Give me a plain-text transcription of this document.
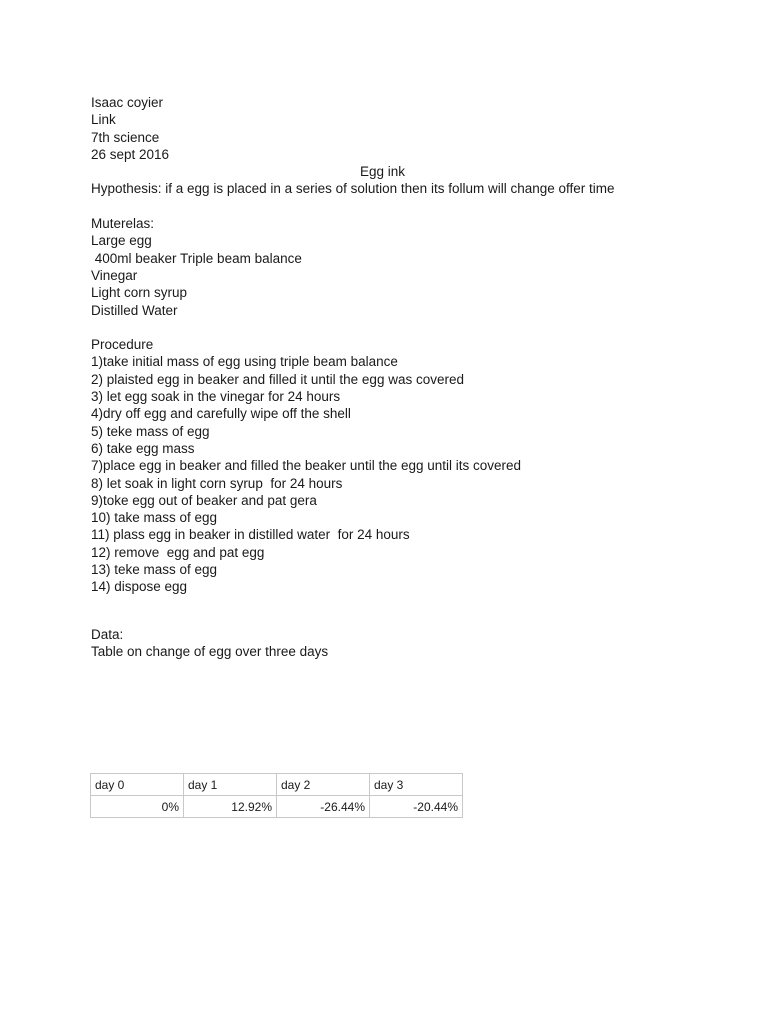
Isaac coyier
Link
7th science
26 sept 2016
Egg ink
Hypothesis: if a egg is placed in a series of solution then its follum will change offer time
Muterelas:
Large egg
400ml beaker Triple beam balance
Vinegar
Light corn syrup
Distilled Water
Procedure
1)take initial mass of egg using triple beam balance
2) plaisted egg in beaker and filled it until the egg was covered
3) let egg soak in the vinegar for 24 hours
4)dry off egg and carefully wipe off the shell
5) teke mass of egg
6) take egg mass
7)place egg in beaker and filled the beaker until the egg until its covered
8) let soak in light corn syrup  for 24 hours
9)toke egg out of beaker and pat gera
10) take mass of egg
11) plass egg in beaker in distilled water  for 24 hours
12) remove  egg and pat egg
13) teke mass of egg
14) dispose egg
Data:
Table on change of egg over three days
day 0	day 1	day 2	day 3
0%	12.92%	-26.44%	-20.44%
